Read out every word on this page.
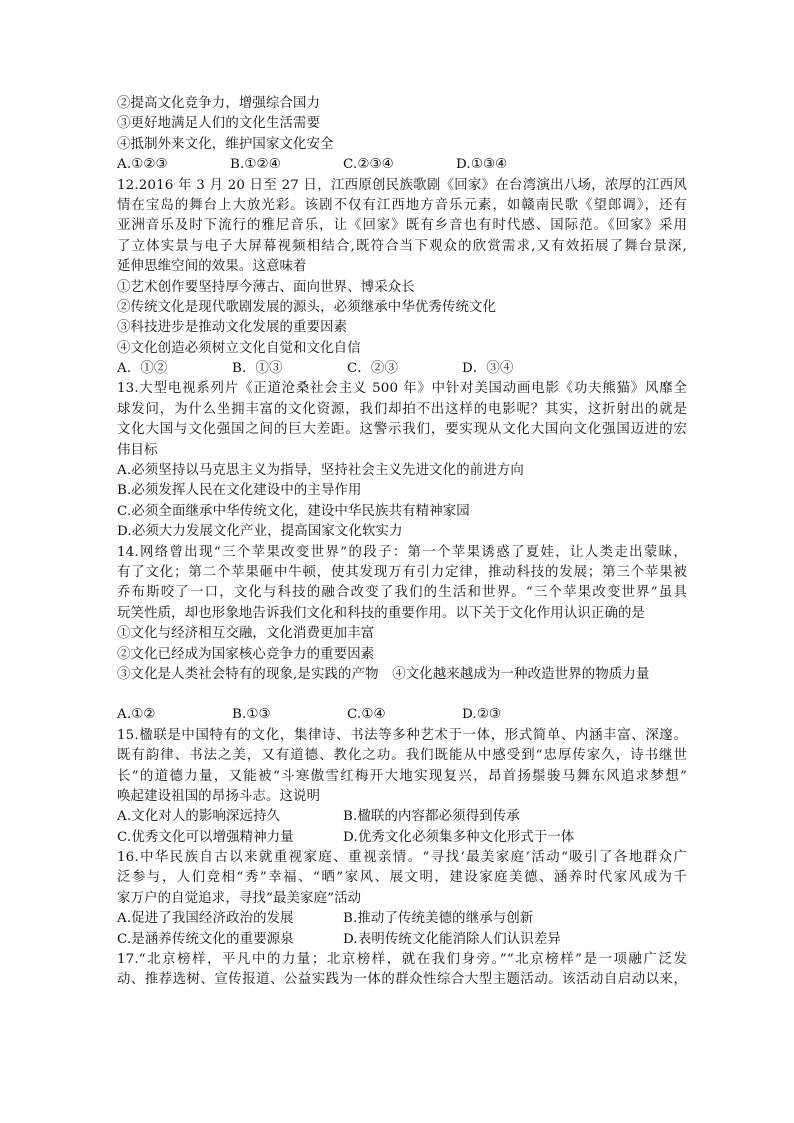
②提高文化竞争力，增强综合国力
③更好地满足人们的文化生活需要
④抵制外来文化，维护国家文化安全
A.①②③	B.①②④	C.②③④	D.①③④
12.2016 年 3 月 20 日至 27 日，江西原创民族歌剧《回家》在台湾演出八场，浓厚的江西风
情在宝岛的舞台上大放光彩。该剧不仅有江西地方音乐元素，如赣南民歌《望郎调》，还有
亚洲音乐及时下流行的雅尼音乐，让《回家》既有乡音也有时代感、国际范。《回家》采用
了立体实景与电子大屏幕视频相结合,既符合当下观众的欣赏需求,又有效拓展了舞台景深,
延伸思维空间的效果。这意味着
①艺术创作要坚持厚今薄古、面向世界、博采众长
②传统文化是现代歌剧发展的源头，必须继承中华优秀传统文化
③科技进步是推动文化发展的重要因素
④文化创造必须树立文化自觉和文化自信
A．①②	B．①③	C．②③	D．③④
13.大型电视系列片《正道沧桑社会主义 500 年》中针对美国动画电影《功夫熊猫》风靡全
球发问，为什么坐拥丰富的文化资源，我们却拍不出这样的电影呢？其实，这折射出的就是
文化大国与文化强国之间的巨大差距。这警示我们，要实现从文化大国向文化强国迈进的宏
伟目标
A.必须坚持以马克思主义为指导，坚持社会主义先进文化的前进方向
B.必须发挥人民在文化建设中的主导作用
C.必须全面继承中华传统文化，建设中华民族共有精神家园
D.必须大力发展文化产业，提高国家文化软实力
14.网络曾出现“三个苹果改变世界”的段子：第一个苹果诱惑了夏娃，让人类走出蒙昧，
有了文化；第二个苹果砸中牛顿，使其发现万有引力定律，推动科技的发展；第三个苹果被
乔布斯咬了一口，文化与科技的融合改变了我们的生活和世界。“三个苹果改变世界”虽具
玩笑性质，却也形象地告诉我们文化和科技的重要作用。以下关于文化作用认识正确的是
①文化与经济相互交融，文化消费更加丰富
②文化已经成为国家核心竞争力的重要因素
③文化是人类社会特有的现象,是实践的产物　④文化越来越成为一种改造世界的物质力量
A.①②	B.①③	C.①④	D.②③
15.楹联是中国特有的文化，集律诗、书法等多种艺术于一体，形式简单、内涵丰富、深邃。
既有韵律、书法之美，又有道德、教化之功。我们既能从中感受到“忠厚传家久，诗书继世
长”的道德力量，又能被“斗寒傲雪红梅开大地实现复兴，昂首扬鬃骏马舞东风追求梦想”
唤起建设祖国的昂扬斗志。这说明
A.文化对人的影响深远持久	B.楹联的内容都必须得到传承
C.优秀文化可以增强精神力量	D.优秀文化必须集多种文化形式于一体
16.中华民族自古以来就重视家庭、重视亲情。“寻找‘最美家庭’活动“吸引了各地群众广
泛参与，人们竞相“秀”幸福、“晒”家风、展文明，建设家庭美德、涵养时代家风成为千
家万户的自觉追求，寻找“最美家庭”活动
A.促进了我国经济政治的发展	B.推动了传统美德的继承与创新
C.是涵养传统文化的重要源泉	D.表明传统文化能消除人们认识差异
17.“北京榜样，平凡中的力量；北京榜样，就在我们身旁。”“北京榜样”是一项融广泛发
动、推荐选树、宣传报道、公益实践为一体的群众性综合大型主题活动。该活动自启动以来，
